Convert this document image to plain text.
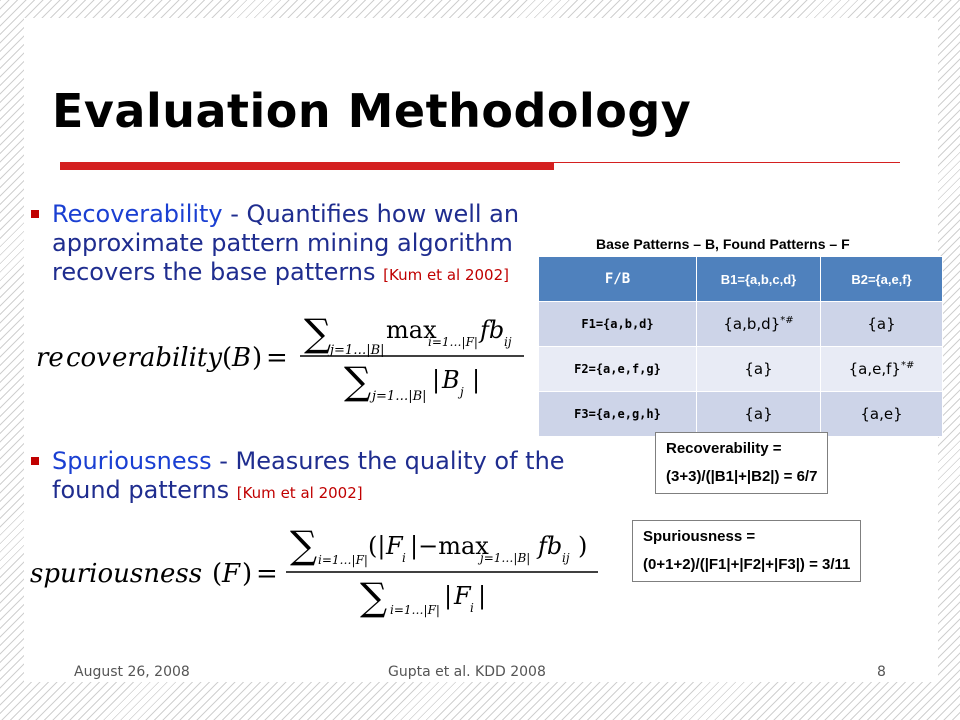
Evaluation Methodology
Recoverability - Quantifies how well an approximate pattern mining algorithm recovers the base patterns [Kum et al 2002]
re cov erability ( B ) =
∑
j=1…|B|
max
i=1…|F| fb ij
∑ j=1…|B|
| B j |
Spuriousness - Measures the quality of the found patterns [Kum et al 2002]
spuriousness ( F ) =
∑ i=1…|F| (| F i |−max
j=1…|B| fb ij )
∑ i=1…|F| | F i |
Base Patterns – B, Found Patterns – F
F/B	B1={a,b,c,d}	B2={a,e,f}
F1={a,b,d}	{a,b,d}*#	{a}
F2={a,e,f,g}	{a}	{a,e,f}*#
F3={a,e,g,h}	{a}	{a,e}
Recoverability =
(3+3)/(|B1|+|B2|) = 6/7
Spuriousness =
(0+1+2)/(|F1|+|F2|+|F3|) = 3/11
August 26, 2008	Gupta et al. KDD 2008	8
